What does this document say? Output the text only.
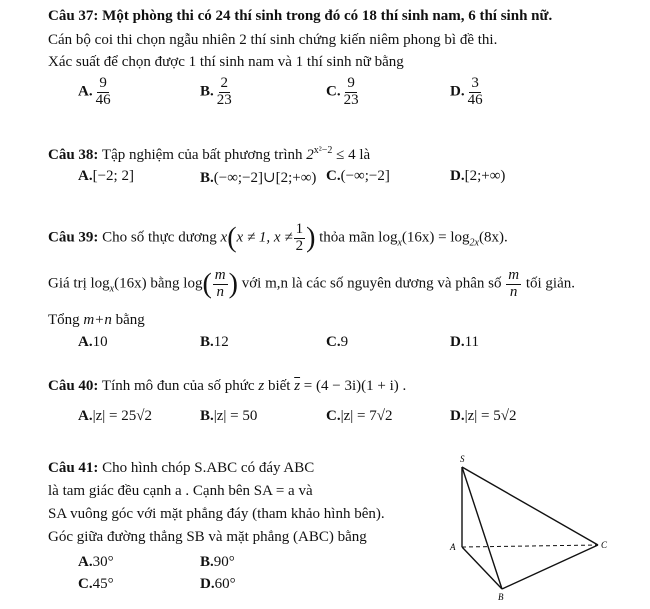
Câu 37: Một phòng thi có 24 thí sinh trong đó có 18 thí sinh nam, 6 thí sinh nữ.
Cán bộ coi thi chọn ngẫu nhiên 2 thí sinh chứng kiến niêm phong bì đề thi.
Xác suất để chọn được 1 thí sinh nam và 1 thí sinh nữ bằng
A. $\frac{9}{46}$	B. $\frac{2}{23}$	C. $\frac{9}{23}$	D. $\frac{3}{46}$
Câu 38: Tập nghiệm của bất phương trình $2^{x^2-2} \le 4$ là
A.[−2; 2]	B.(−∞;−2]∪[2;+∞) C.(−∞;−2]	D.[2;+∞)
Câu 39: Cho số thực dương x(x ≠ 1, $x \ne \frac{1}{2}$ ) thỏa mãn $\log_x(16x) = \log_{2x}(8x)$.
Giá trị $\log_x(16x)$ bằng $\log( \frac{m}{n}$ ) với m,n là các số nguyên dương và phân số $\frac{m}{n}$ tối giản.
Tổng m+n bằng
A.10	B.12	C.9	D.11
Câu 40: Tính mô đun của số phức z biết $\overline{z} = (4 - 3i)(1 + i)$ .
A.|z| = 25√2	B.|z| = 50	C.|z| = 7√2	D.|z| = 5√2
Câu 41: Cho hình chóp S.ABC có đáy ABC
là tam giác đều cạnh a . Cạnh bên SA = a và
SA vuông góc với mặt phẳng đáy (tham khảo hình bên).
Góc giữa đường thẳng SB và mặt phẳng (ABC) bằng
A.30°	B.90°
C.45°	D.60°
S
A
B
C
